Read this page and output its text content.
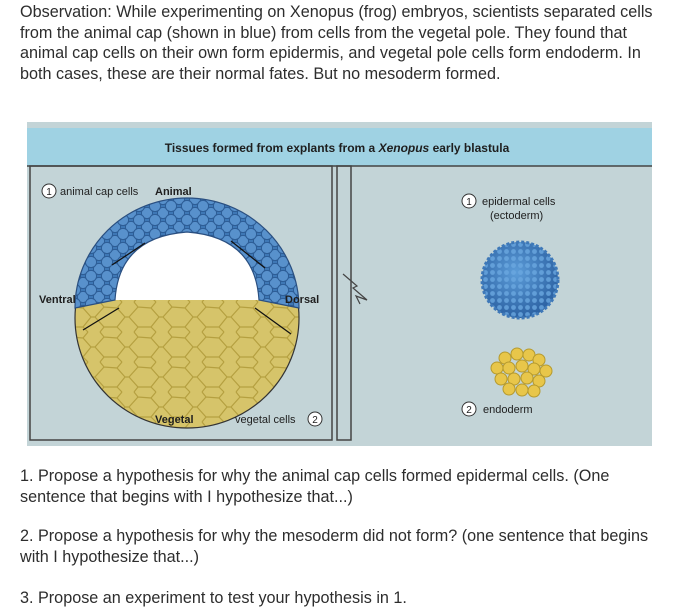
Observation: While experimenting on Xenopus (frog) embryos, scientists separated cells from the animal cap (shown in blue) from cells from the vegetal pole. They found that animal cap cells on their own form epidermis, and vegetal pole cells form endoderm. In both cases, these are their normal fates. But no mesoderm formed.

Tissues formed from explants from a Xenopus early blastula
1 animal cap cells Animal
Ventral	Dorsal
Vegetal	vegetal cells 2
1 epidermal cells
(ectoderm)
2 endoderm

1. Propose a hypothesis for why the animal cap cells formed epidermal cells. (One sentence that begins with I hypothesize that...)

2. Propose a hypothesis for why the mesoderm did not form? (one sentence that begins with I hypothesize that...)

3. Propose an experiment to test your hypothesis in 1.
